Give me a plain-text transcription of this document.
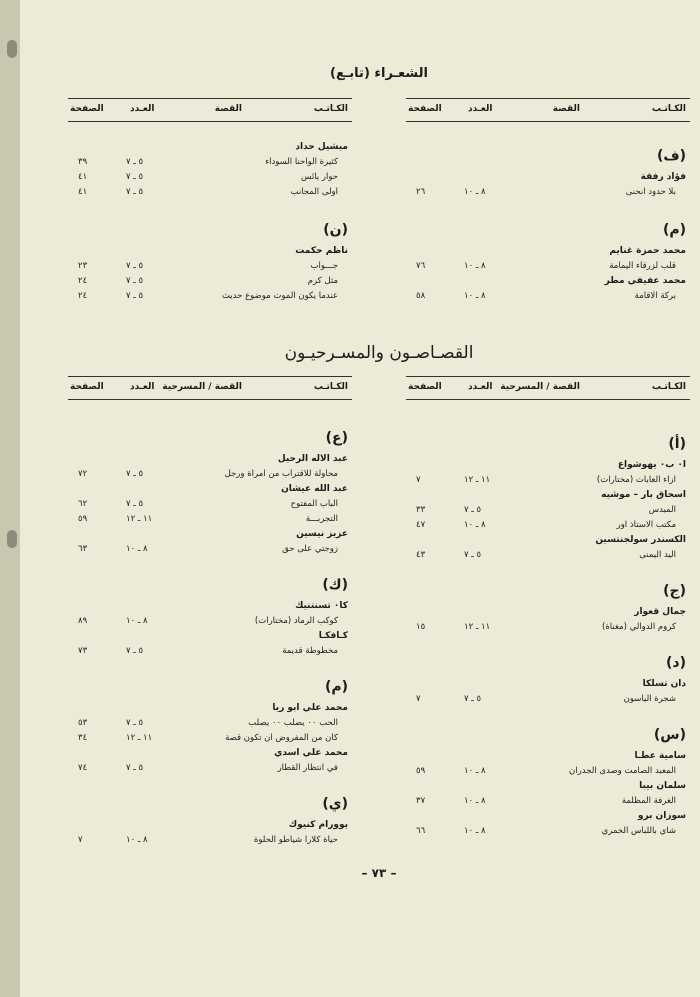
الشعـراء (تابـع)
الكـاتـب
القصة
العـدد
الصفحة
(ف)
فؤاد رفقة
بلا حدود انحنى
٨ ـ ١٠
٢٦
(م)
محمد حمزة غنايم
قلب لزرقاء اليمامة
٨ ـ ١٠
٧٦
محمد عفيفي مطر
بركة الاقامة
٨ ـ ١٠
٥٨
الكـاتـب
القصة
العـدد
الصفحة
ميشيل حداد
كثيرة الواحنا السوداء
٥ ـ ٧
٣٩
حوار يائس
٥ ـ ٧
٤١
اولى المجانب
٥ ـ ٧
٤١
(ن)
ناظم حكمت
جـــواب
٥ ـ ٧
٢٣
مثل كرم
٥ ـ ٧
٢٤
عندما يكون الموت موضوع حديث
٥ ـ ٧
٢٤
القصـاصـون والمسـرحيـون
الكـاتـب
القصة / المسرحية
العـدد
الصفحة
(أ)
ا٠ ب٠ يهوشواع
ازاء الغابات (مختارات)
١١ ـ ١٢
٧
اسحاق بار – موشيه
المبدس
٥ ـ ٧
٣٣
مكتب الاستاذ اور
٨ ـ ١٠
٤٧
الكسندر سولجنتسين
اليد اليمنى
٥ ـ ٧
٤٣
(ج)
جمال قعوار
كروم الدوالي (مغناة)
١١ ـ ١٢
١٥
(د)
دان تسلكا
شجرة الياسون
٥ ـ ٧
٧
(س)
سامية عطـا
المعبد الصامت وصدى الجدران
٨ ـ ١٠
٥٩
سلمان بيبا
الغرفة المظلمة
٨ ـ ١٠
٣٧
سوزان برو
شاي باللباس الخمري
٨ ـ ١٠
٦٦
الكـاتـب
القصة / المسرحية
العـدد
الصفحة
(ع)
عبد الاله الرحيل
محاولة للاقتراب من امراة ورجل
٥ ـ ٧
٧٢
عبد الله عيشان
الباب المفتوح
٥ ـ ٧
٦٢
التجربـــة
١١ ـ ١٢
٥٩
عزيز نيسين
زوجتي على حق
٨ ـ ١٠
٦٣
(ك)
كا٠ تسنتنيك
كوكب الرماد (مختارات)
٨ ـ ١٠
٨٩
كـافكـا
مخطوطة قديمة
٥ ـ ٧
٧٣
(م)
محمد علي ابو ريا
الحب ٠٠ يصلب ٠٠ يصلب
٥ ـ ٧
٥٣
كان من المفروض ان تكون قصة
١١ ـ ١٢
٣٤
محمد علي اسدي
في انتظار القطار
٥ ـ ٧
٧٤
(ي)
يوورام كنيوك
حياة كلارا شياطو الحلوة
٨ ـ ١٠
٧
– ٧٣ –
